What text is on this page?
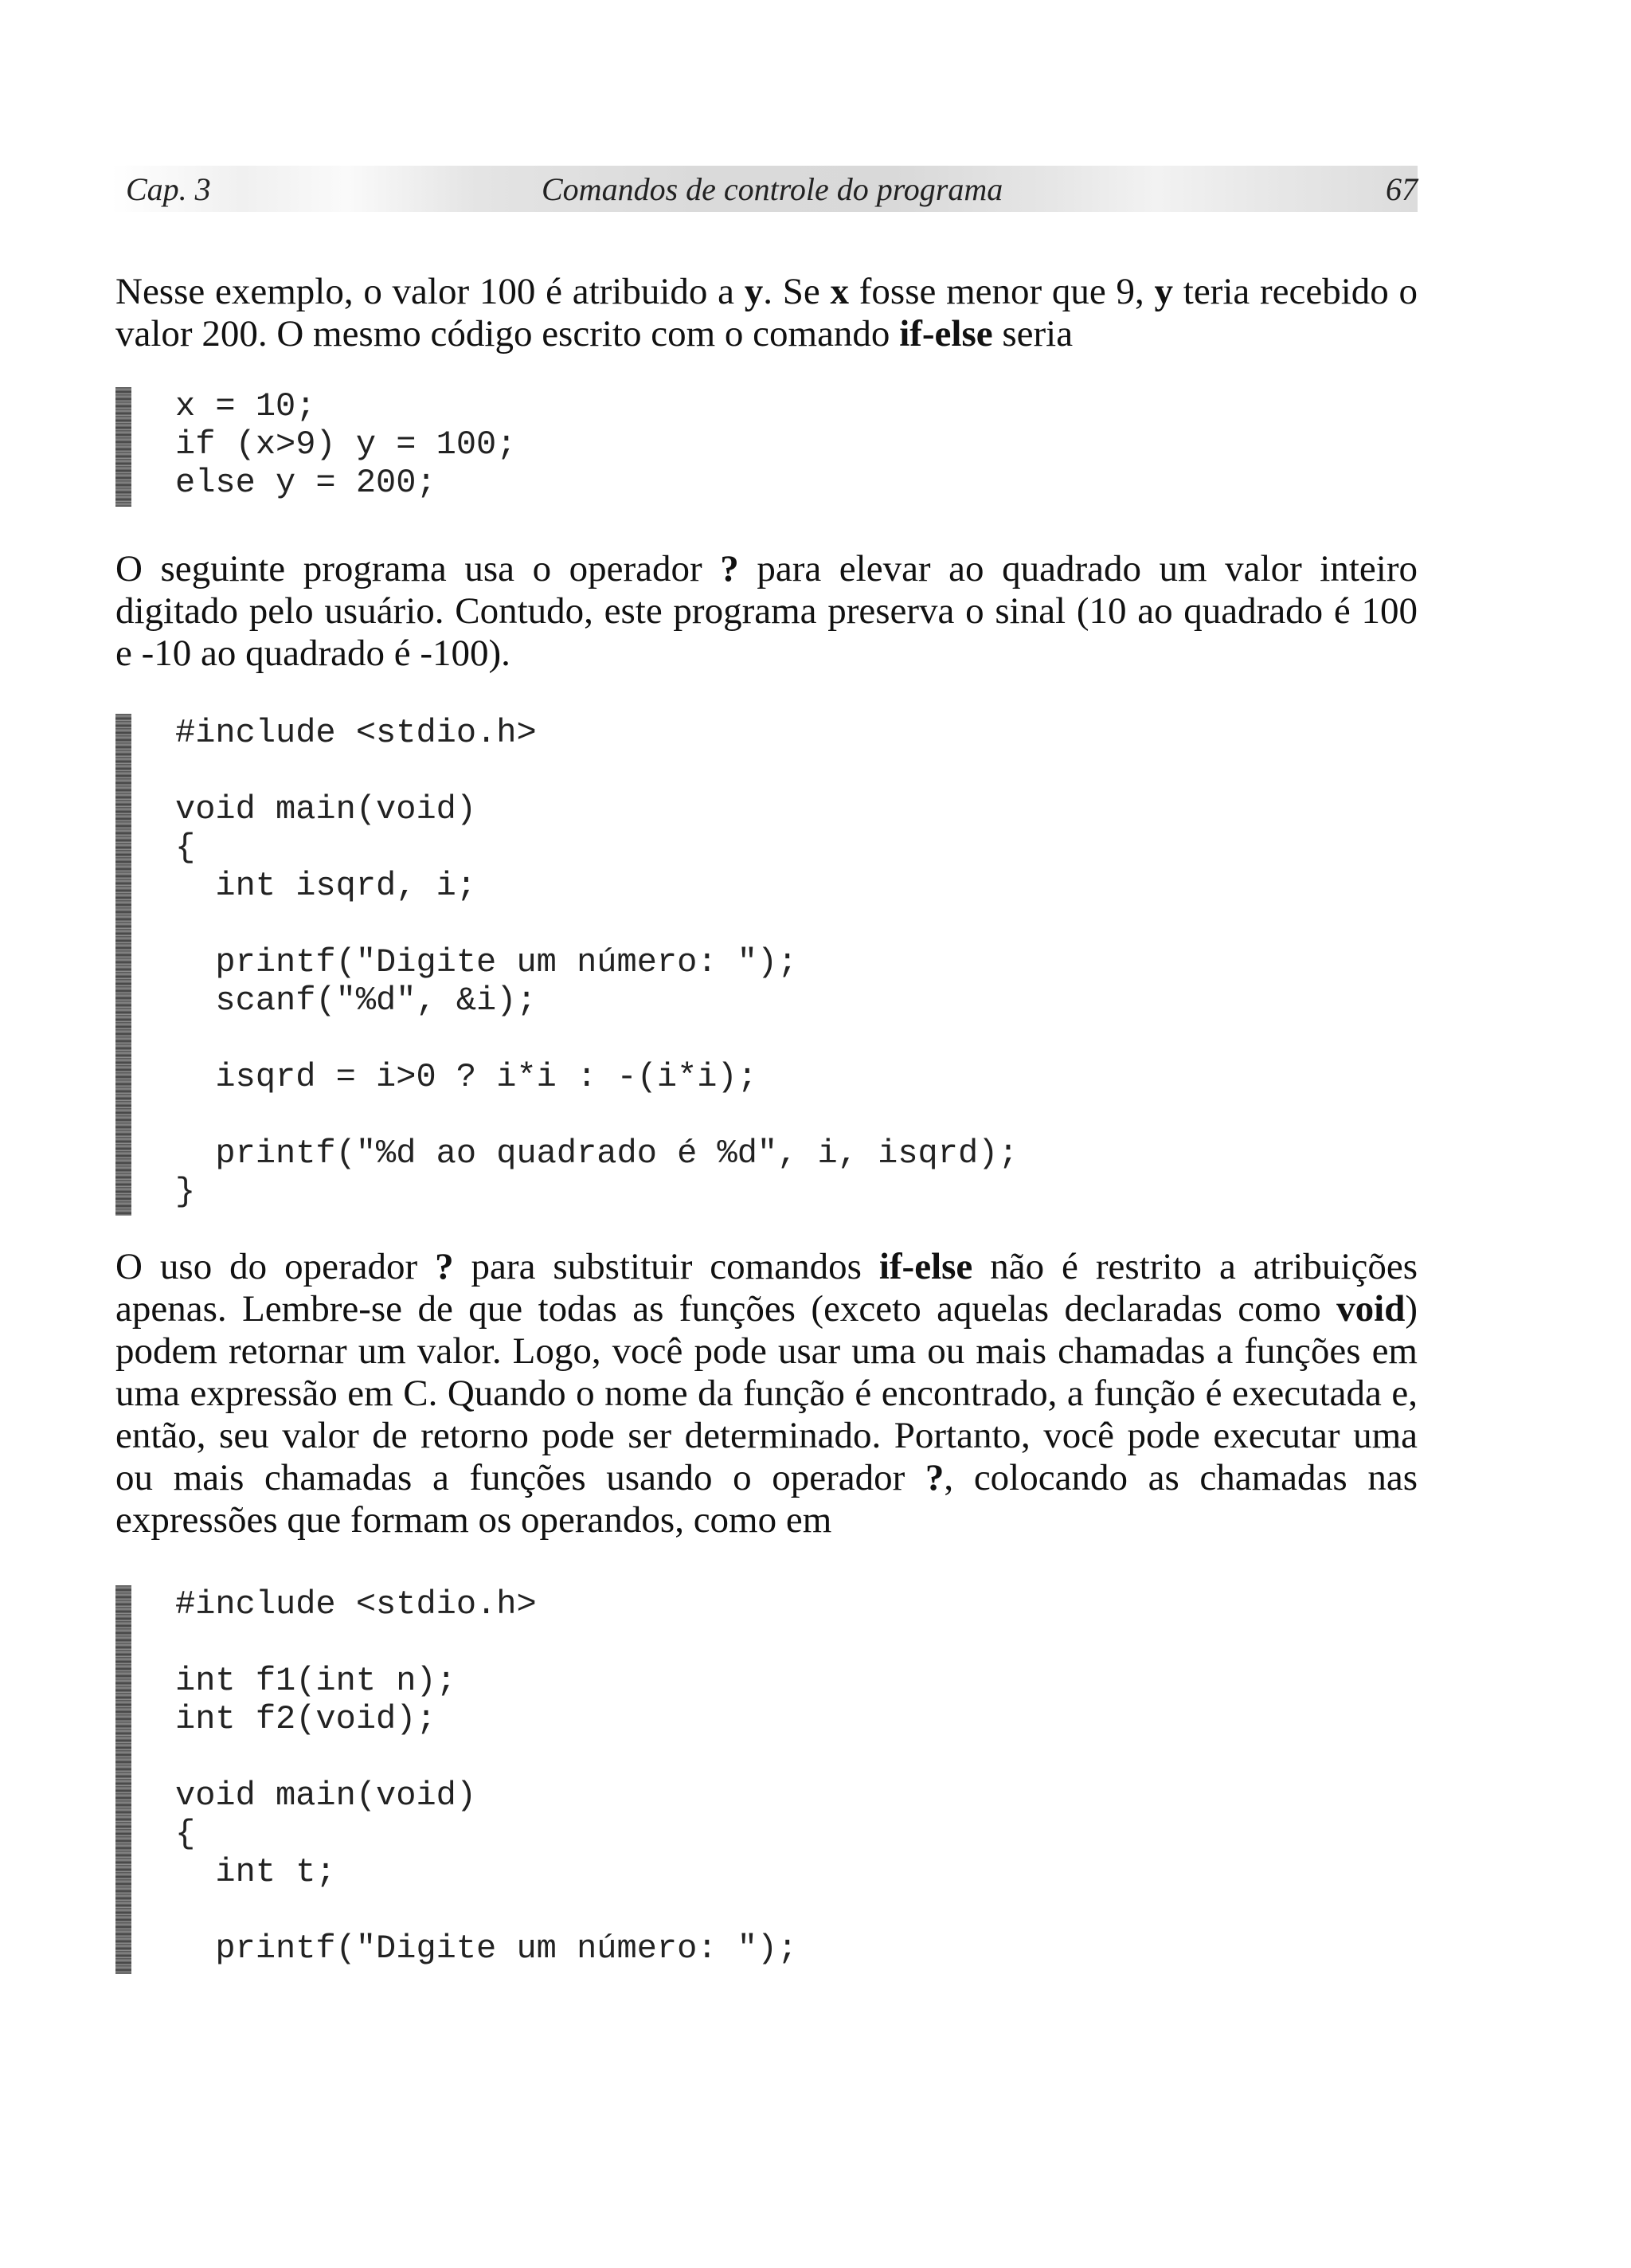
Cap. 3	Comandos de controle do programa	67

Nesse exemplo, o valor 100 é atribuido a y. Se x fosse menor que 9, y teria recebido o valor 200. O mesmo código escrito com o comando if-else seria

x = 10;
if (x>9) y = 100;
else y = 200;

O seguinte programa usa o operador ? para elevar ao quadrado um valor inteiro digitado pelo usuário. Contudo, este programa preserva o sinal (10 ao quadrado é 100 e -10 ao quadrado é -100).

#include <stdio.h>
void main(void)
{
int isqrd, i;
printf("Digite um número: ");
scanf("%d", &i);
isqrd = i>0 ? i*i : -(i*i);
printf("%d ao quadrado é %d", i, isqrd);
}

O uso do operador ? para substituir comandos if-else não é restrito a atribuições apenas. Lembre-se de que todas as funções (exceto aquelas declaradas como void) podem retornar um valor. Logo, você pode usar uma ou mais chamadas a funções em uma expressão em C. Quando o nome da função é encontrado, a função é executada e, então, seu valor de retorno pode ser determinado. Portanto, você pode executar uma ou mais chamadas a funções usando o operador ?, colocando as chamadas nas expressões que formam os operandos, como em

#include <stdio.h>
int f1(int n);
int f2(void);
void main(void)
{
int t;
printf("Digite um número: ");
